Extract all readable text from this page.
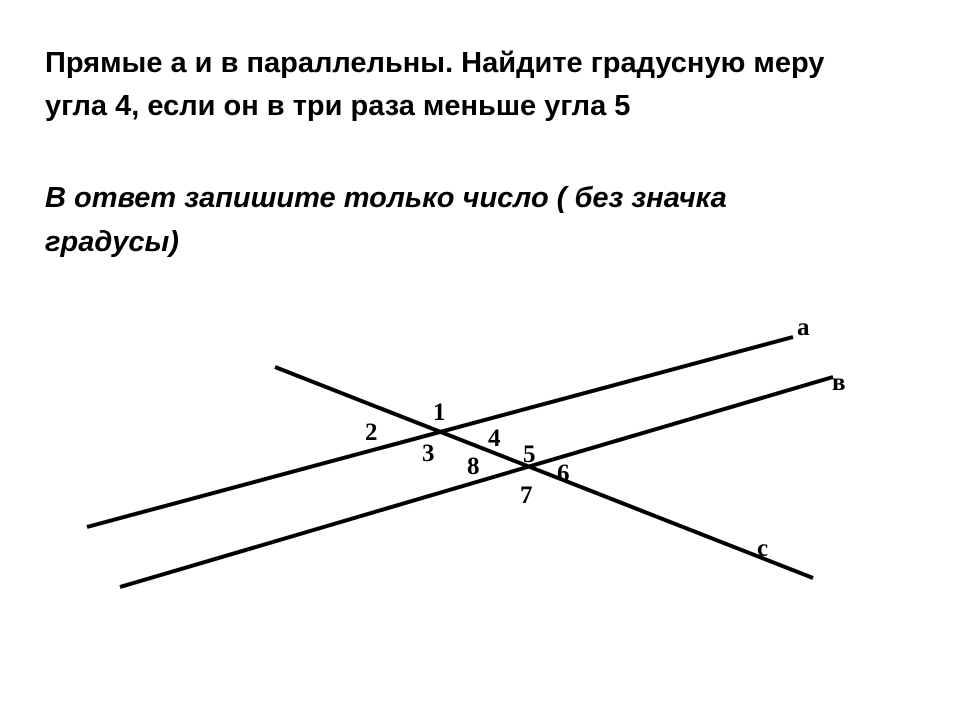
Прямые а и в параллельны. Найдите градусную меру
угла 4, если он в три раза меньше угла 5

В ответ запишите только число ( без значка
градусы)

a
в
c
1
2
3
4
5
6
7
8
